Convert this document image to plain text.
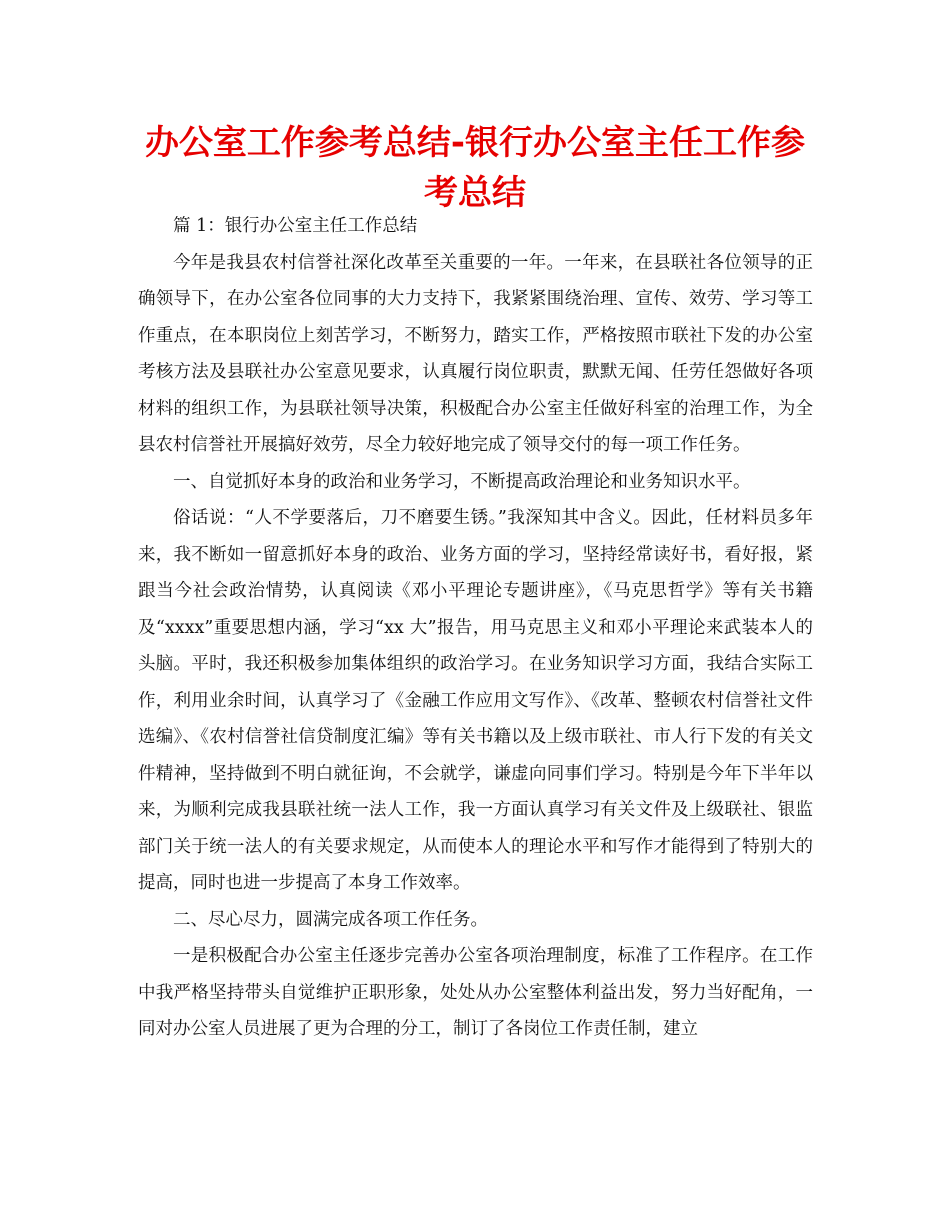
办公室工作参考总结-银行办公室主任工作参考总结

篇 1：银行办公室主任工作总结

今年是我县农村信誉社深化改革至关重要的一年。一年来，在县联社各位领导的正确领导下，在办公室各位同事的大力支持下，我紧紧围绕治理、宣传、效劳、学习等工作重点，在本职岗位上刻苦学习，不断努力，踏实工作，严格按照市联社下发的办公室考核方法及县联社办公室意见要求，认真履行岗位职责，默默无闻、任劳任怨做好各项材料的组织工作，为县联社领导决策，积极配合办公室主任做好科室的治理工作，为全县农村信誉社开展搞好效劳，尽全力较好地完成了领导交付的每一项工作任务。

一、自觉抓好本身的政治和业务学习，不断提高政治理论和业务知识水平。

俗话说：“人不学要落后，刀不磨要生锈。”我深知其中含义。因此，任材料员多年来，我不断如一留意抓好本身的政治、业务方面的学习，坚持经常读好书，看好报，紧跟当今社会政治情势，认真阅读《邓小平理论专题讲座》，《马克思哲学》等有关书籍及“xxxx”重要思想内涵，学习“xx 大”报告，用马克思主义和邓小平理论来武装本人的头脑。平时，我还积极参加集体组织的政治学习。在业务知识学习方面，我结合实际工作，利用业余时间，认真学习了《金融工作应用文写作》、《改革、整顿农村信誉社文件选编》、《农村信誉社信贷制度汇编》等有关书籍以及上级市联社、市人行下发的有关文件精神，坚持做到不明白就征询，不会就学，谦虚向同事们学习。特别是今年下半年以来，为顺利完成我县联社统一法人工作，我一方面认真学习有关文件及上级联社、银监部门关于统一法人的有关要求规定，从而使本人的理论水平和写作才能得到了特别大的提高，同时也进一步提高了本身工作效率。

二、尽心尽力，圆满完成各项工作任务。

一是积极配合办公室主任逐步完善办公室各项治理制度，标准了工作程序。在工作中我严格坚持带头自觉维护正职形象，处处从办公室整体利益出发，努力当好配角，一同对办公室人员进展了更为合理的分工，制订了各岗位工作责任制，建立
